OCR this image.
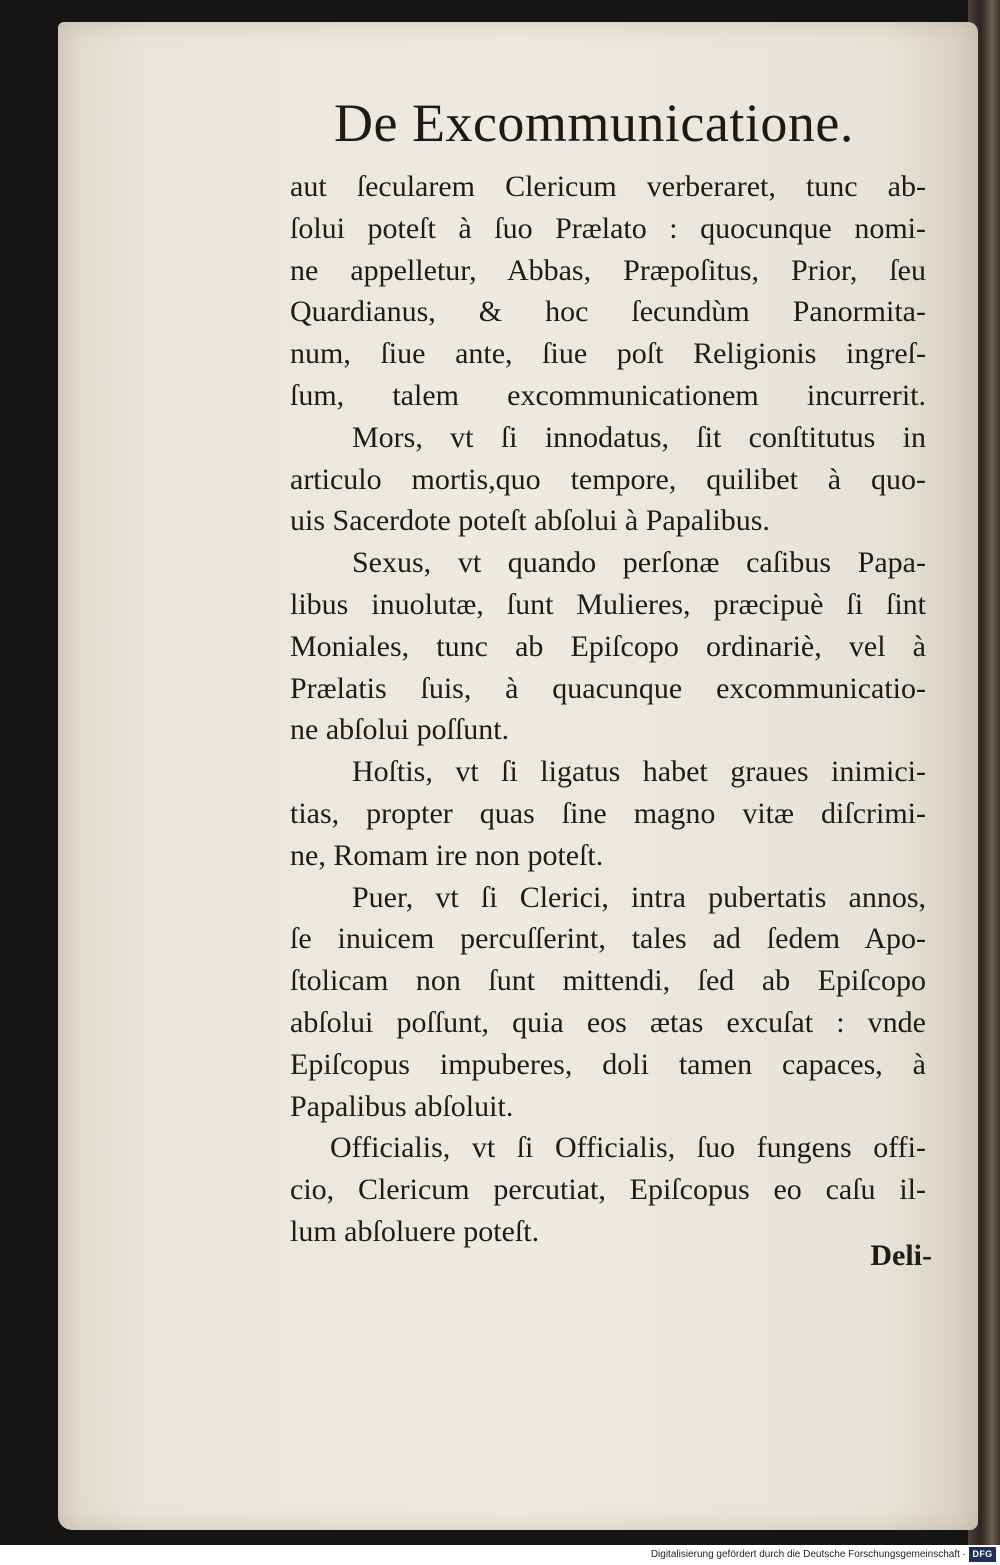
De Excommunicatione.
aut ſecularem Clericum verberaret, tunc ab-
ſolui poteſt à ſuo Prælato : quocunque nomi-
ne appelletur, Abbas, Præpoſitus, Prior, ſeu
Quardianus, & hoc ſecundùm Panormita-
num, ſiue ante, ſiue poſt Religionis ingreſ-
ſum, talem excommunicationem incurrerit.
Mors, vt ſi innodatus, ſit conſtitutus in
articulo mortis,quo tempore, quilibet à quo-
uis Sacerdote poteſt abſolui à Papalibus.
Sexus, vt quando perſonæ caſibus Papa-
libus inuolutæ, ſunt Mulieres, præcipuè ſi ſint
Moniales, tunc ab Epiſcopo ordinariè, vel à
Prælatis ſuis, à quacunque excommunicatio-
ne abſolui poſſunt.
Hoſtis, vt ſi ligatus habet graues inimici-
tias, propter quas ſine magno vitæ diſcrimi-
ne, Romam ire non poteſt.
Puer, vt ſi Clerici, intra pubertatis annos,
ſe inuicem percuſſerint, tales ad ſedem Apo-
ſtolicam non ſunt mittendi, ſed ab Epiſcopo
abſolui poſſunt, quia eos ætas excuſat : vnde
Epiſcopus impuberes, doli tamen capaces, à
Papalibus abſoluit.
Officialis, vt ſi Officialis, ſuo fungens offi-
cio, Clericum percutiat, Epiſcopus eo caſu il-
lum abſoluere poteſt.
Deli-
Digitalisierung gefördert durch die Deutsche Forschungsgemeinschaft · DFG
